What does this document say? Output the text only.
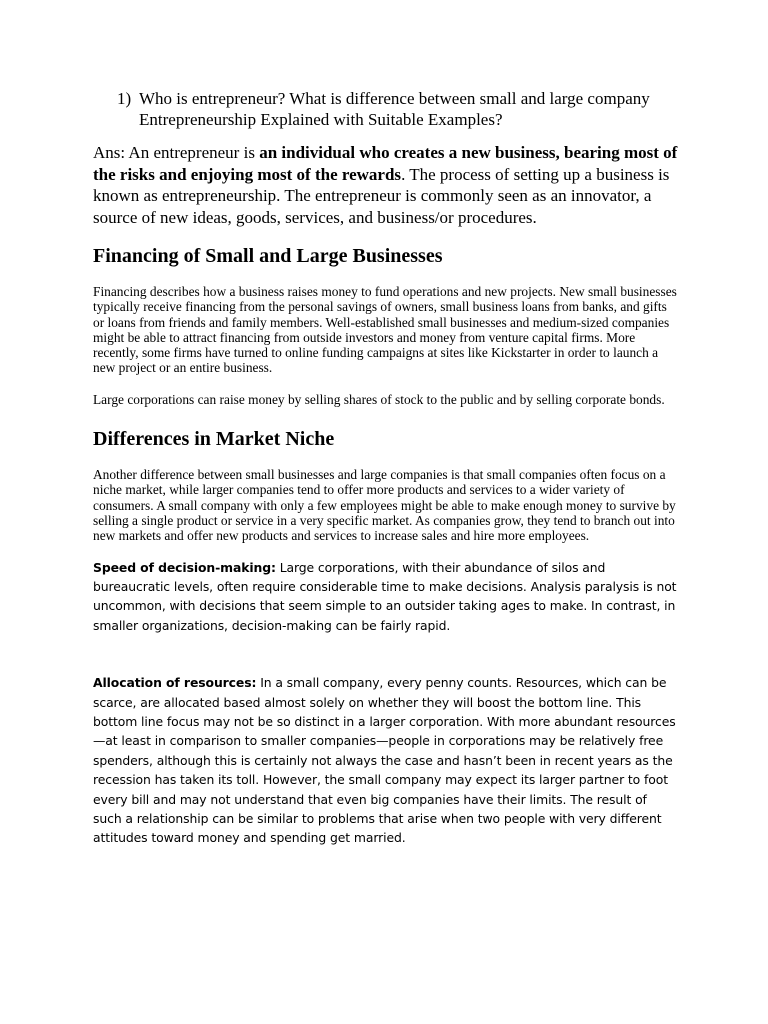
1) Who is entrepreneur? What is difference between small and large company Entrepreneurship Explained with Suitable Examples?

Ans: An entrepreneur is an individual who creates a new business, bearing most of the risks and enjoying most of the rewards. The process of setting up a business is known as entrepreneurship. The entrepreneur is commonly seen as an innovator, a source of new ideas, goods, services, and business/or procedures.

Financing of Small and Large Businesses

Financing describes how a business raises money to fund operations and new projects. New small businesses typically receive financing from the personal savings of owners, small business loans from banks, and gifts or loans from friends and family members. Well-established small businesses and medium-sized companies might be able to attract financing from outside investors and money from venture capital firms. More recently, some firms have turned to online funding campaigns at sites like Kickstarter in order to launch a new project or an entire business.

Large corporations can raise money by selling shares of stock to the public and by selling corporate bonds.

Differences in Market Niche

Another difference between small businesses and large companies is that small companies often focus on a niche market, while larger companies tend to offer more products and services to a wider variety of consumers. A small company with only a few employees might be able to make enough money to survive by selling a single product or service in a very specific market. As companies grow, they tend to branch out into new markets and offer new products and services to increase sales and hire more employees.

Speed of decision-making: Large corporations, with their abundance of silos and bureaucratic levels, often require considerable time to make decisions. Analysis paralysis is not uncommon, with decisions that seem simple to an outsider taking ages to make. In contrast, in smaller organizations, decision-making can be fairly rapid.

Allocation of resources: In a small company, every penny counts. Resources, which can be scarce, are allocated based almost solely on whether they will boost the bottom line. This bottom line focus may not be so distinct in a larger corporation. With more abundant resources—at least in comparison to smaller companies—people in corporations may be relatively free spenders, although this is certainly not always the case and hasn’t been in recent years as the recession has taken its toll. However, the small company may expect its larger partner to foot every bill and may not understand that even big companies have their limits. The result of such a relationship can be similar to problems that arise when two people with very different attitudes toward money and spending get married.
